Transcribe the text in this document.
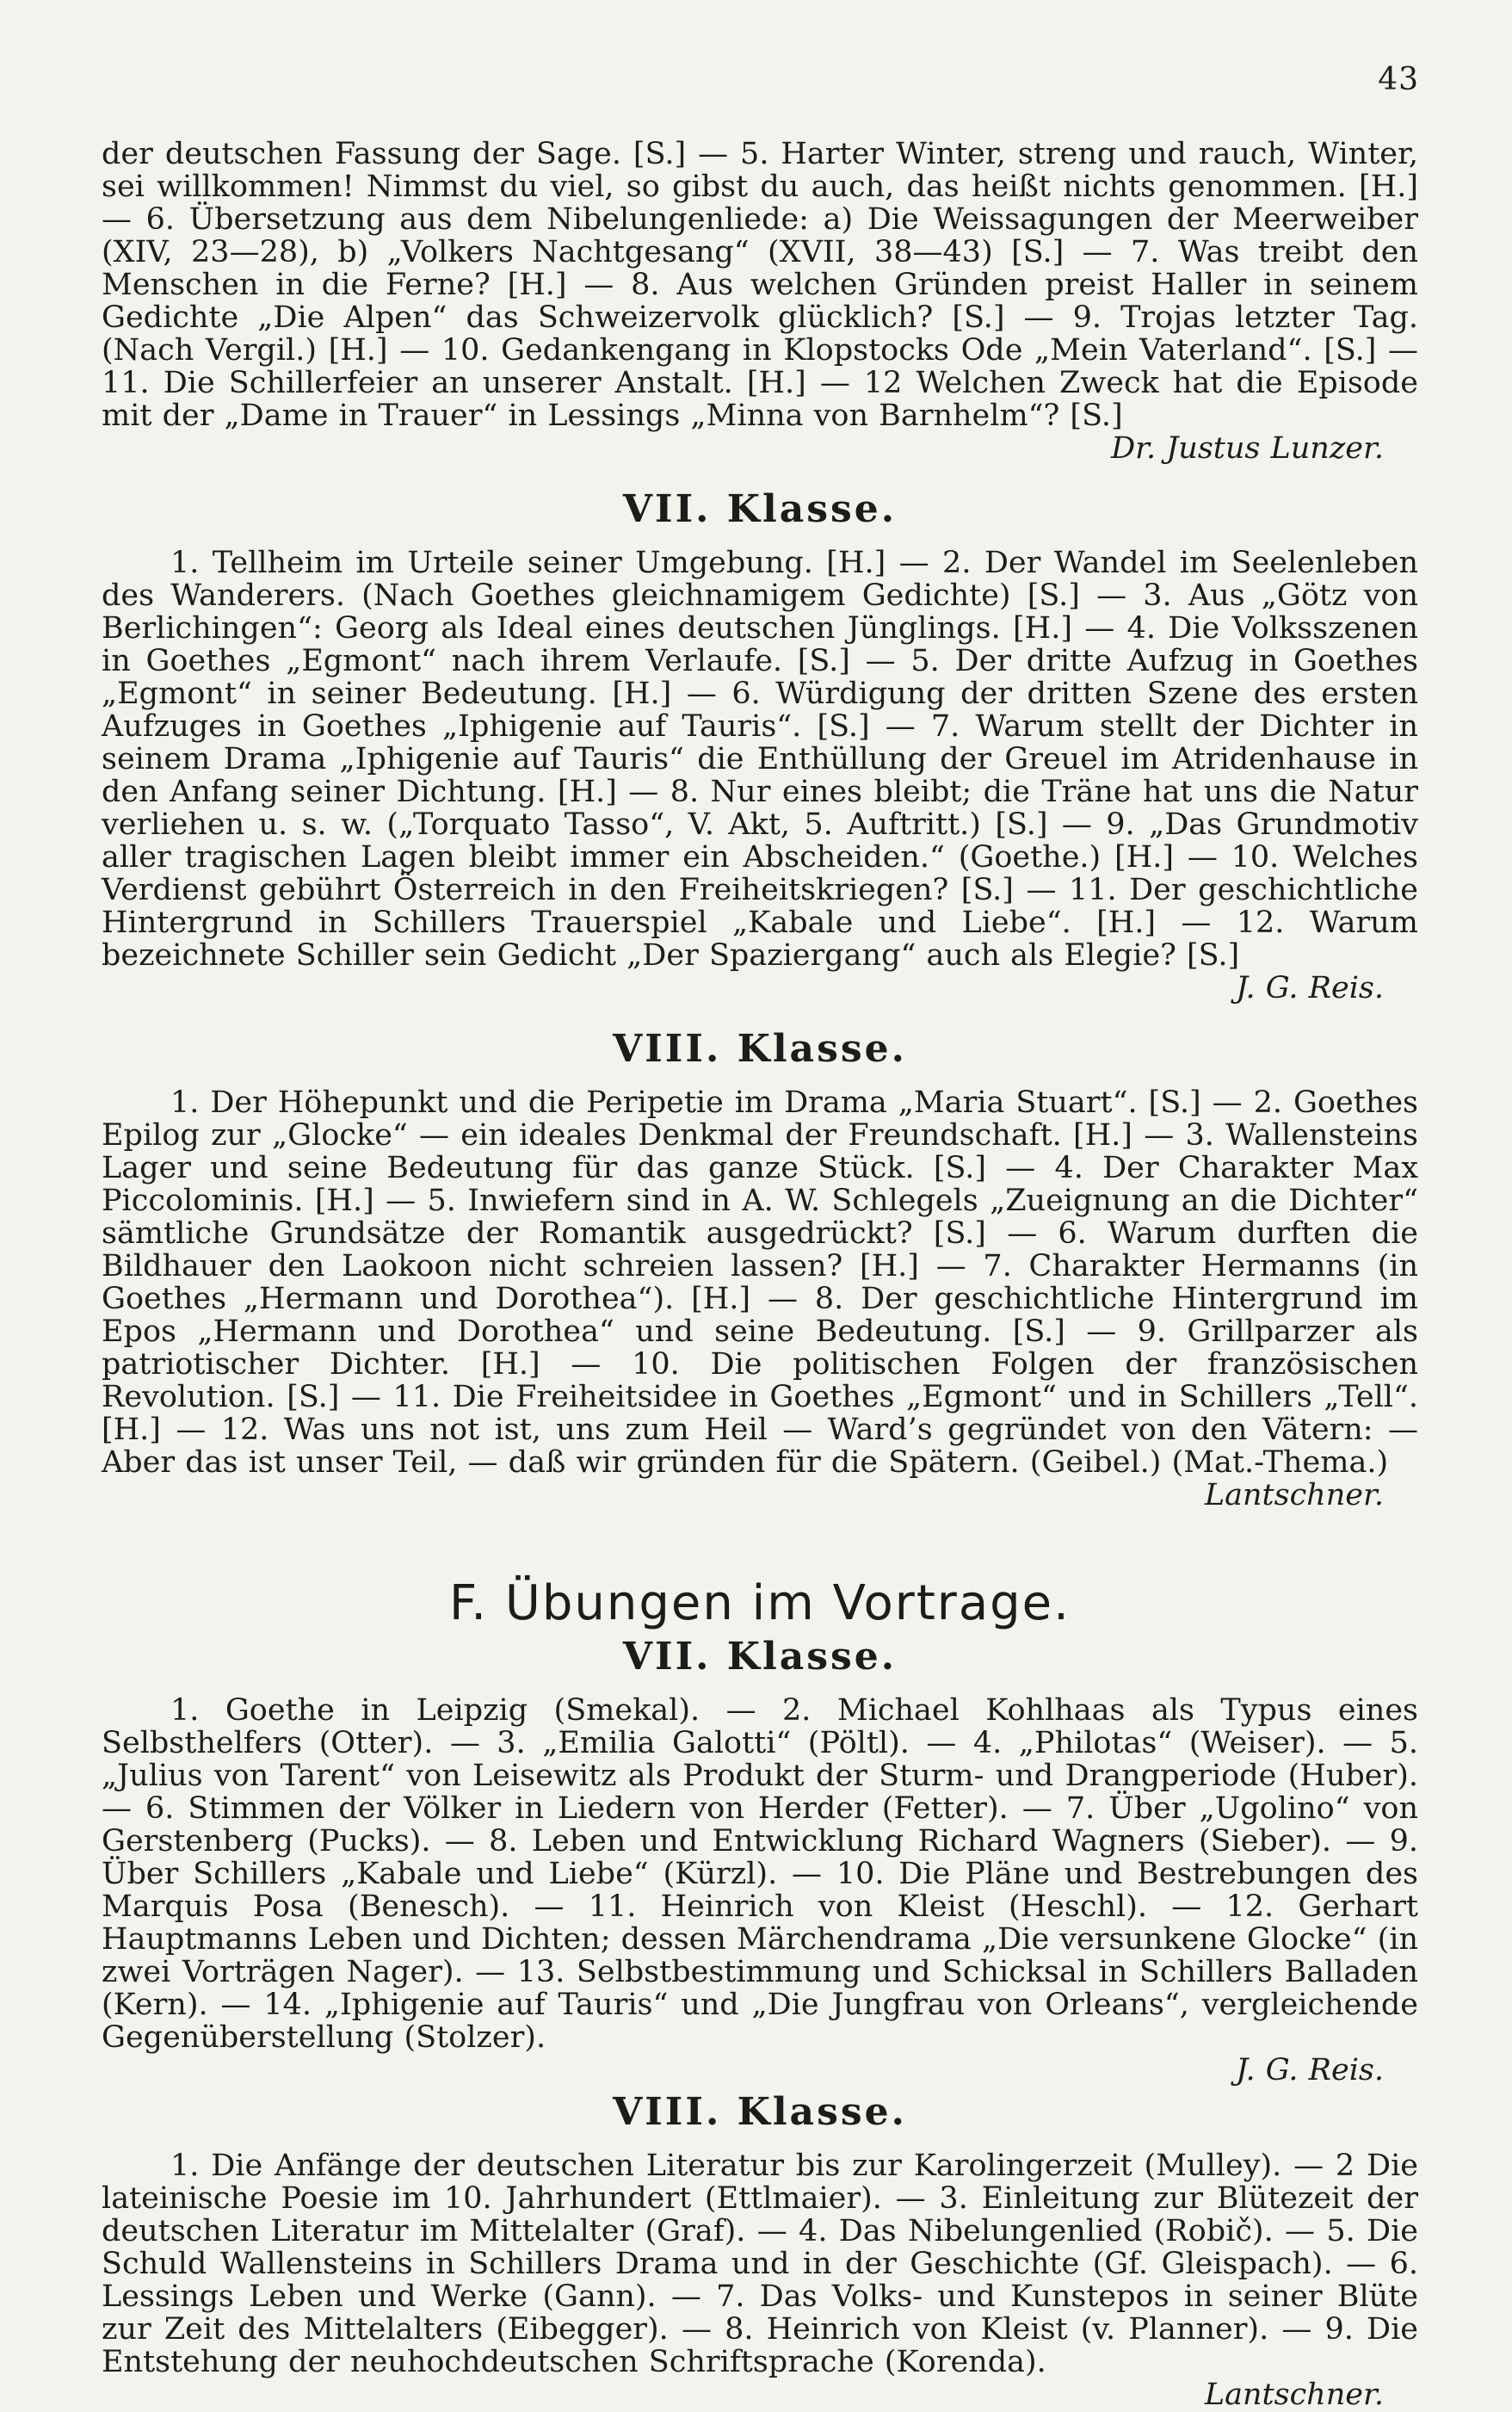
43

der deutschen Fassung der Sage. [S.] — 5. Harter Winter, streng und rauch, Winter, sei willkommen! Nimmst du viel, so gibst du auch, das heißt nichts genommen. [H.] — 6. Übersetzung aus dem Nibelungenliede: a) Die Weissagungen der Meerweiber (XIV, 23—28), b) „Volkers Nachtgesang“ (XVII, 38—43) [S.] — 7. Was treibt den Menschen in die Ferne? [H.] — 8. Aus welchen Gründen preist Haller in seinem Gedichte „Die Alpen“ das Schweizervolk glücklich? [S.] — 9. Trojas letzter Tag. (Nach Vergil.) [H.] — 10. Gedankengang in Klopstocks Ode „Mein Vaterland“. [S.] — 11. Die Schillerfeier an unserer Anstalt. [H.] — 12 Welchen Zweck hat die Episode mit der „Dame in Trauer“ in Lessings „Minna von Barnhelm“? [S.]
Dr. Justus Lunzer.

VII. Klasse.

1. Tellheim im Urteile seiner Umgebung. [H.] — 2. Der Wandel im Seelenleben des Wanderers. (Nach Goethes gleichnamigem Gedichte) [S.] — 3. Aus „Götz von Berlichingen“: Georg als Ideal eines deutschen Jünglings. [H.] — 4. Die Volksszenen in Goethes „Egmont“ nach ihrem Verlaufe. [S.] — 5. Der dritte Aufzug in Goethes „Egmont“ in seiner Bedeutung. [H.] — 6. Würdigung der dritten Szene des ersten Aufzuges in Goethes „Iphigenie auf Tauris“. [S.] — 7. Warum stellt der Dichter in seinem Drama „Iphigenie auf Tauris“ die Enthüllung der Greuel im Atridenhause in den Anfang seiner Dichtung. [H.] — 8. Nur eines bleibt; die Träne hat uns die Natur verliehen u. s. w. („Torquato Tasso“, V. Akt, 5. Auftritt.) [S.] — 9. „Das Grundmotiv aller tragischen Lagen bleibt immer ein Abscheiden.“ (Goethe.) [H.] — 10. Welches Verdienst gebührt Österreich in den Freiheitskriegen? [S.] — 11. Der geschichtliche Hintergrund in Schillers Trauerspiel „Kabale und Liebe“. [H.] — 12. Warum bezeichnete Schiller sein Gedicht „Der Spaziergang“ auch als Elegie? [S.]
J. G. Reis.

VIII. Klasse.

1. Der Höhepunkt und die Peripetie im Drama „Maria Stuart“. [S.] — 2. Goethes Epilog zur „Glocke“ — ein ideales Denkmal der Freundschaft. [H.] — 3. Wallensteins Lager und seine Bedeutung für das ganze Stück. [S.] — 4. Der Charakter Max Piccolominis. [H.] — 5. Inwiefern sind in A. W. Schlegels „Zueignung an die Dichter“ sämtliche Grundsätze der Romantik ausgedrückt? [S.] — 6. Warum durften die Bildhauer den Laokoon nicht schreien lassen? [H.] — 7. Charakter Hermanns (in Goethes „Hermann und Dorothea“). [H.] — 8. Der geschichtliche Hintergrund im Epos „Hermann und Dorothea“ und seine Bedeutung. [S.] — 9. Grillparzer als patriotischer Dichter. [H.] — 10. Die politischen Folgen der französischen Revolution. [S.] — 11. Die Freiheitsidee in Goethes „Egmont“ und in Schillers „Tell“. [H.] — 12. Was uns not ist, uns zum Heil — Ward’s gegründet von den Vätern: — Aber das ist unser Teil, — daß wir gründen für die Spätern. (Geibel.) (Mat.-Thema.)
Lantschner.

F. Übungen im Vortrage.
VII. Klasse.

1. Goethe in Leipzig (Smekal). — 2. Michael Kohlhaas als Typus eines Selbsthelfers (Otter). — 3. „Emilia Galotti“ (Pöltl). — 4. „Philotas“ (Weiser). — 5. „Julius von Tarent“ von Leisewitz als Produkt der Sturm- und Drangperiode (Huber). — 6. Stimmen der Völker in Liedern von Herder (Fetter). — 7. Über „Ugolino“ von Gerstenberg (Pucks). — 8. Leben und Entwicklung Richard Wagners (Sieber). — 9. Über Schillers „Kabale und Liebe“ (Kürzl). — 10. Die Pläne und Bestrebungen des Marquis Posa (Benesch). — 11. Heinrich von Kleist (Heschl). — 12. Gerhart Hauptmanns Leben und Dichten; dessen Märchendrama „Die versunkene Glocke“ (in zwei Vorträgen Nager). — 13. Selbstbestimmung und Schicksal in Schillers Balladen (Kern). — 14. „Iphigenie auf Tauris“ und „Die Jungfrau von Orleans“, vergleichende Gegenüberstellung (Stolzer).
J. G. Reis.

VIII. Klasse.

1. Die Anfänge der deutschen Literatur bis zur Karolingerzeit (Mulley). — 2 Die lateinische Poesie im 10. Jahrhundert (Ettlmaier). — 3. Einleitung zur Blütezeit der deutschen Literatur im Mittelalter (Graf). — 4. Das Nibelungenlied (Robič). — 5. Die Schuld Wallensteins in Schillers Drama und in der Geschichte (Gf. Gleispach). — 6. Lessings Leben und Werke (Gann). — 7. Das Volks- und Kunstepos in seiner Blüte zur Zeit des Mittelalters (Eibegger). — 8. Heinrich von Kleist (v. Planner). — 9. Die Entstehung der neuhochdeutschen Schriftsprache (Korenda).
Lantschner.
